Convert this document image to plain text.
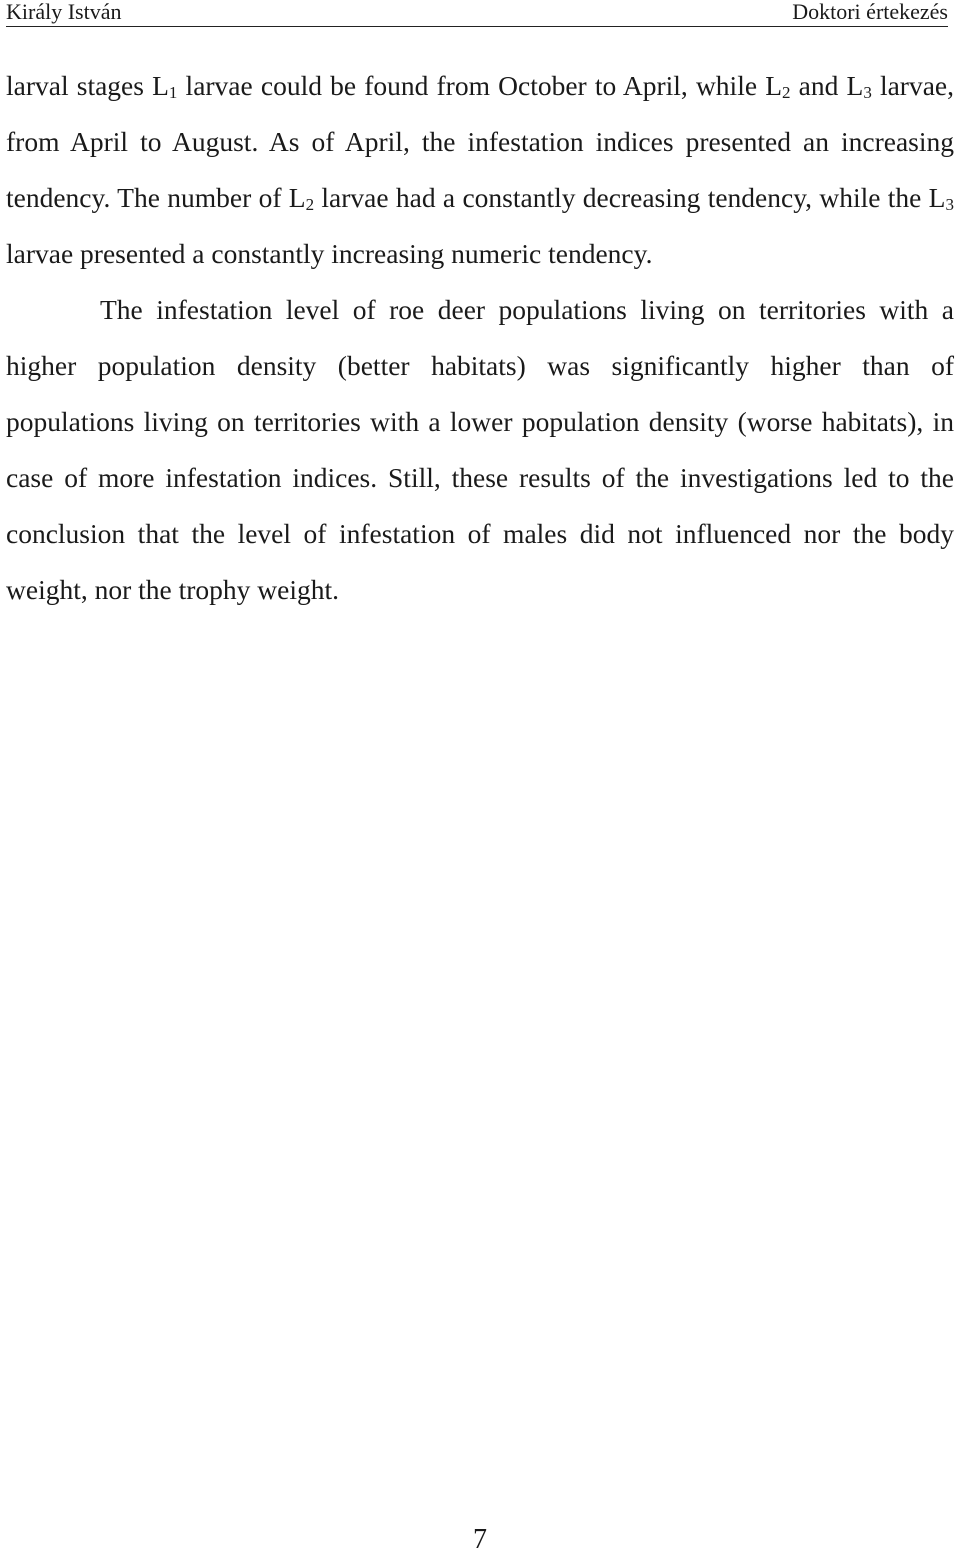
Király István	Doktori értekezés

larval stages $L_1$ larvae could be found from October to April, while $L_2$ and $L_3$ larvae, from April to August. As of April, the infestation indices presented an increasing tendency. The number of $L_2$ larvae had a constantly decreasing tendency, while the $L_3$ larvae presented a constantly increasing numeric tendency.

The infestation level of roe deer populations living on territories with a higher population density (better habitats) was significantly higher than of populations living on territories with a lower population density (worse habitats), in case of more infestation indices. Still, these results of the investigations led to the conclusion that the level of infestation of males did not influenced nor the body weight, nor the trophy weight.

7
